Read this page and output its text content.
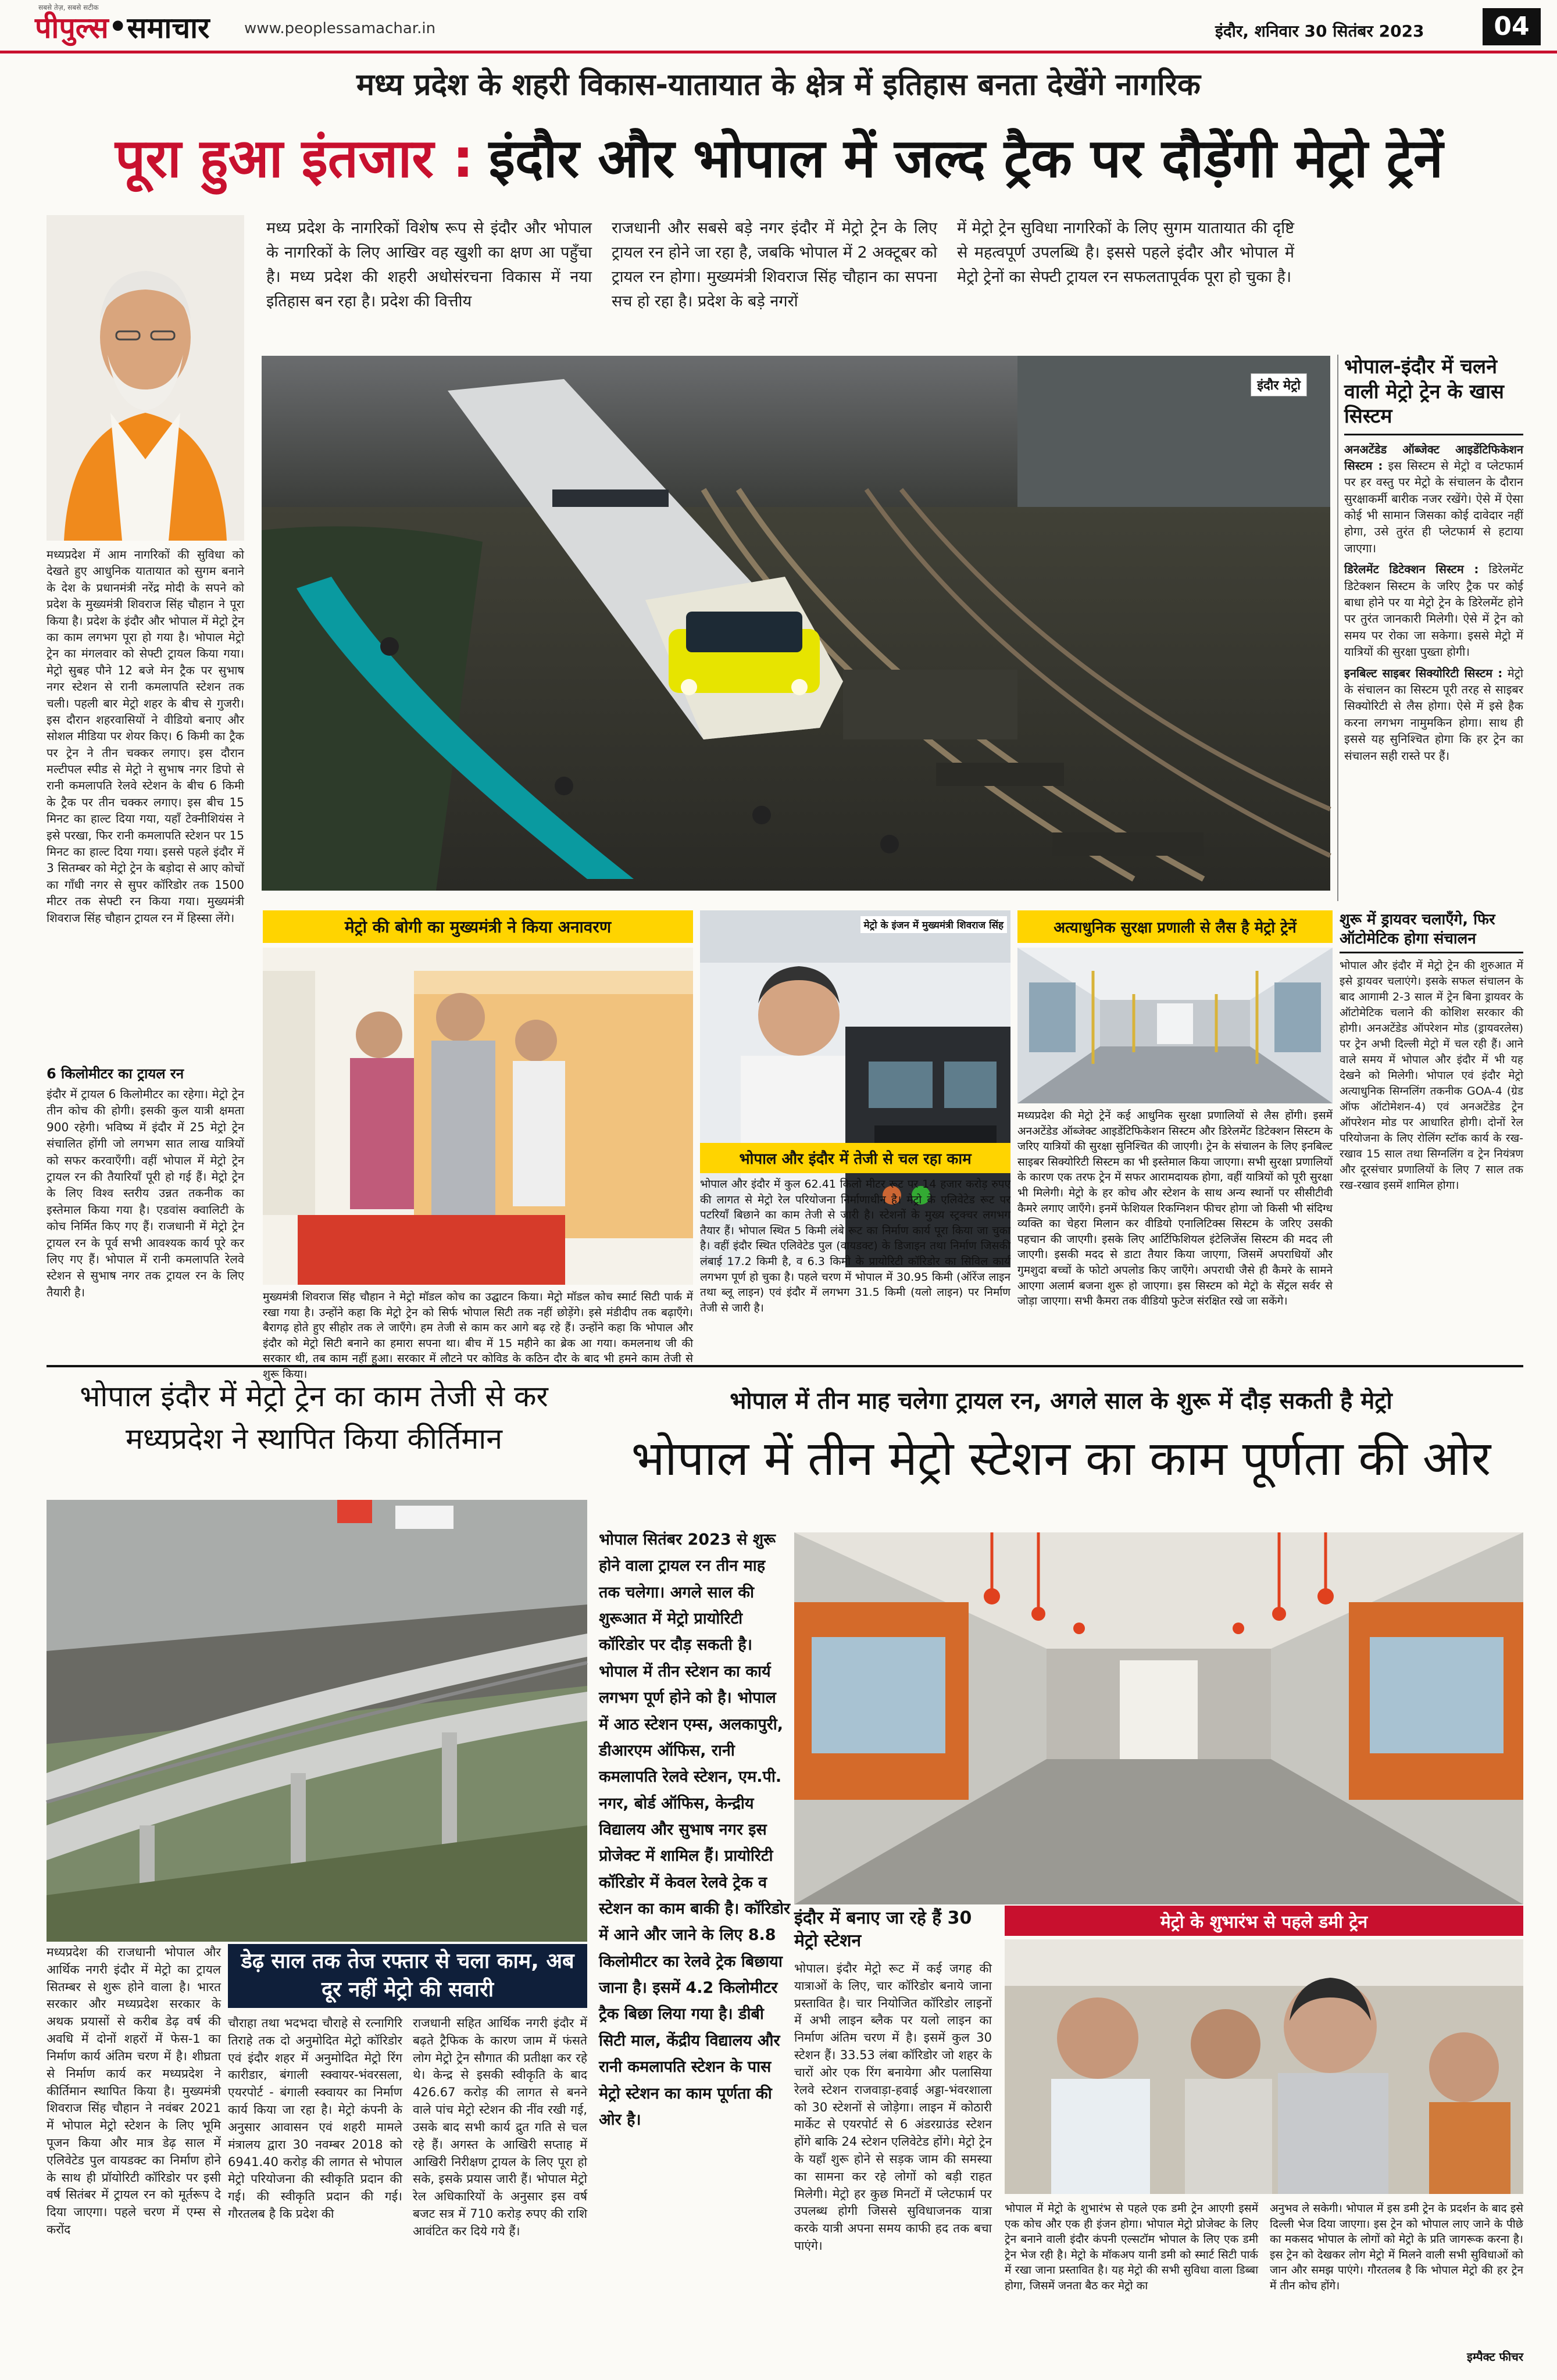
पीपुल्स • समाचार
सबसे तेज़, सबसे सटीक
www.peoplessamachar.in	इंदौर, शनिवार 30 सितंबर 2023	04
मध्य प्रदेश के शहरी विकास-यातायात के क्षेत्र में इतिहास बनता देखेंगे नागरिक
पूरा हुआ इंतजार : इंदौर और भोपाल में जल्द ट्रैक पर दौड़ेंगी मेट्रो ट्रेनें
मध्य प्रदेश के नागरिकों विशेष रूप से इंदौर और भोपाल के नागरिकों के लिए आखिर वह खुशी का क्षण आ पहुँचा है। मध्य प्रदेश की शहरी अधोसंरचना विकास में नया इतिहास बन रहा है। प्रदेश की वित्तीय
राजधानी और सबसे बड़े नगर इंदौर में मेट्रो ट्रेन के लिए ट्रायल रन होने जा रहा है, जबकि भोपाल में 2 अक्टूबर को ट्रायल रन होगा। मुख्यमंत्री शिवराज सिंह चौहान का सपना सच हो रहा है। प्रदेश के बड़े नगरों
में मेट्रो ट्रेन सुविधा नागरिकों के लिए सुगम यातायात की दृष्टि से महत्वपूर्ण उपलब्धि है। इससे पहले इंदौर और भोपाल में मेट्रो ट्रेनों का सेफ्टी ट्रायल रन सफलतापूर्वक पूरा हो चुका है।
मध्यप्रदेश में आम नागरिकों की सुविधा को देखते हुए आधुनिक यातायात को सुगम बनाने के देश के प्रधानमंत्री नरेंद्र मोदी के सपने को प्रदेश के मुख्यमंत्री शिवराज सिंह चौहान ने पूरा किया है। प्रदेश के इंदौर और भोपाल में मेट्रो ट्रेन का काम लगभग पूरा हो गया है। भोपाल मेट्रो ट्रेन का मंगलवार को सेफ्टी ट्रायल किया गया। मेट्रो सुबह पौने 12 बजे मेन ट्रैक पर सुभाष नगर स्टेशन से रानी कमलापति स्टेशन तक चली। पहली बार मेट्रो शहर के बीच से गुजरी। इस दौरान शहरवासियों ने वीडियो बनाए और सोशल मीडिया पर शेयर किए। 6 किमी का ट्रैक पर ट्रेन ने तीन चक्कर लगाए। इस दौरान मल्टीपल स्पीड से मेट्रो ने सुभाष नगर डिपो से रानी कमलापति रेलवे स्टेशन के बीच 6 किमी के ट्रैक पर तीन चक्कर लगाए। इस बीच 15 मिनट का हाल्ट दिया गया, यहाँ टेक्नीशियंस ने इसे परखा, फिर रानी कमलापति स्टेशन पर 15 मिनट का हाल्ट दिया गया। इससे पहले इंदौर में 3 सितम्बर को मेट्रो ट्रेन के बड़ोदा से आए कोचों का गाँधी नगर से सुपर कॉरिडोर तक 1500 मीटर तक सेफ्टी रन किया गया। मुख्यमंत्री शिवराज सिंह चौहान ट्रायल रन में हिस्सा लेंगे।
6 किलोमीटर का ट्रायल रन
इंदौर में ट्रायल 6 किलोमीटर का रहेगा। मेट्रो ट्रेन तीन कोच की होगी। इसकी कुल यात्री क्षमता 900 रहेगी। भविष्य में इंदौर में 25 मेट्रो ट्रेन संचालित होंगी जो लगभग सात लाख यात्रियों को सफर करवाएँगी। वहीं भोपाल में मेट्रो ट्रेन ट्रायल रन की तैयारियाँ पूरी हो गई हैं। मेट्रो ट्रेन के लिए विश्व स्तरीय उन्नत तकनीक का इस्तेमाल किया गया है। एडवांस क्वालिटी के कोच निर्मित किए गए हैं। राजधानी में मेट्रो ट्रेन ट्रायल रन के पूर्व सभी आवश्यक कार्य पूरे कर लिए गए हैं। भोपाल में रानी कमलापति रेलवे स्टेशन से सुभाष नगर तक ट्रायल रन के लिए तैयारी है।
इंदौर मेट्रो
भोपाल-इंदौर में चलने वाली मेट्रो ट्रेन के खास सिस्टम
अनअटेंडेड ऑब्जेक्ट आइडेंटिफिकेशन सिस्टम : इस सिस्टम से मेट्रो व प्लेटफार्म पर हर वस्तु पर मेट्रो के संचालन के दौरान सुरक्षाकर्मी बारीक नजर रखेंगे। ऐसे में ऐसा कोई भी सामान जिसका कोई दावेदार नहीं होगा, उसे तुरंत ही प्लेटफार्म से हटाया जाएगा।
डिरेलमेंट डिटेक्शन सिस्टम : डिरेलमेंट डिटेक्शन सिस्टम के जरिए ट्रैक पर कोई बाधा होने पर या मेट्रो ट्रेन के डिरेलमेंट होने पर तुरंत जानकारी मिलेगी। ऐसे में ट्रेन को समय पर रोका जा सकेगा। इससे मेट्रो में यात्रियों की सुरक्षा पुख्ता होगी।
इनबिल्ट साइबर सिक्योरिटी सिस्टम : मेट्रो के संचालन का सिस्टम पूरी तरह से साइबर सिक्योरिटी से लैस होगा। ऐसे में इसे हैक करना लगभग नामुमकिन होगा। साथ ही इससे यह सुनिश्चित होगा कि हर ट्रेन का संचालन सही रास्ते पर हैं।
मेट्रो की बोगी का मुख्यमंत्री ने किया अनावरण
मुख्यमंत्री शिवराज सिंह चौहान ने मेट्रो मॉडल कोच का उद्घाटन किया। मेट्रो मॉडल कोच स्मार्ट सिटी पार्क में रखा गया है। उन्होंने कहा कि मेट्रो ट्रेन को सिर्फ भोपाल सिटी तक नहीं छोड़ेंगे। इसे मंडीदीप तक बढ़ाएँगे। बैरागढ़ होते हुए सीहोर तक ले जाएँगे। हम तेजी से काम कर आगे बढ़ रहे हैं। उन्होंने कहा कि भोपाल और इंदौर को मेट्रो सिटी बनाने का हमारा सपना था। बीच में 15 महीने का ब्रेक आ गया। कमलनाथ जी की सरकार थी, तब काम नहीं हुआ। सरकार में लौटने पर कोविड के कठिन दौर के बाद भी हमने काम तेजी से शुरू किया।
मेट्रो के इंजन में मुख्यमंत्री शिवराज सिंह
भोपाल और इंदौर में तेजी से चल रहा काम
भोपाल और इंदौर में कुल 62.41 किलो मीटर रूट पर 14 हजार करोड़ रुपए की लागत से मेट्रो रेल परियोजना निर्माणाधीन है। मेट्रो के एलिवेटेड रूट पर पटरियाँ बिछाने का काम तेजी से जारी है। स्टेशनों के मुख्य स्ट्रक्चर लगभग तैयार हैं। भोपाल स्थित 5 किमी लंबे रूट का निर्माण कार्य पूरा किया जा चुका है। वहीं इंदौर स्थित एलिवेटेड पुल (वायडक्ट) के डिजाइन तथा निर्माण जिसकी लंबाई 17.2 किमी है, व 6.3 किमी के प्रायोरिटी कॉरिडोर का सिविल कार्य लगभग पूर्ण हो चुका है। पहले चरण में भोपाल में 30.95 किमी (ऑरेंज लाइन तथा ब्लू लाइन) एवं इंदौर में लगभग 31.5 किमी (यलो लाइन) पर निर्माण तेजी से जारी है।
अत्याधुनिक सुरक्षा प्रणाली से लैस है मेट्रो ट्रेनें
मध्यप्रदेश की मेट्रो ट्रेनें कई आधुनिक सुरक्षा प्रणालियों से लैस होंगी। इसमें अनअटेंडेड ऑब्जेक्ट आइडेंटिफिकेशन सिस्टम और डिरेलमेंट डिटेक्शन सिस्टम के जरिए यात्रियों की सुरक्षा सुनिश्चित की जाएगी। ट्रेन के संचालन के लिए इनबिल्ट साइबर सिक्योरिटी सिस्टम का भी इस्तेमाल किया जाएगा। सभी सुरक्षा प्रणालियों के कारण एक तरफ ट्रेन में सफर आरामदायक होगा, वहीं यात्रियों को पूरी सुरक्षा भी मिलेगी। मेट्रो के हर कोच और स्टेशन के साथ अन्य स्थानों पर सीसीटीवी कैमरे लगाए जाएँगे। इनमें फेशियल रिकग्निशन फीचर होगा जो किसी भी संदिग्ध व्यक्ति का चेहरा मिलान कर वीडियो एनालिटिक्स सिस्टम के जरिए उसकी पहचान की जाएगी। इसके लिए आर्टिफिशियल इंटेलिजेंस सिस्टम की मदद ली जाएगी। इसकी मदद से डाटा तैयार किया जाएगा, जिसमें अपराधियों और गुमशुदा बच्चों के फोटो अपलोड किए जाएँगे। अपराधी जैसे ही कैमरे के सामने आएगा अलार्म बजना शुरू हो जाएगा। इस सिस्टम को मेट्रो के सेंट्रल सर्वर से जोड़ा जाएगा। सभी कैमरा तक वीडियो फुटेज संरक्षित रखे जा सकेंगे।
शुरू में ड्रायवर चलाएँगे, फिर ऑटोमेटिक होगा संचालन
भोपाल और इंदौर में मेट्रो ट्रेन की शुरुआत में इसे ड्रायवर चलाएंगे। इसके सफल संचालन के बाद आगामी 2-3 साल में ट्रेन बिना ड्रायवर के ऑटोमेटिक चलाने की कोशिश सरकार की होगी। अनअटेंडेड ऑपरेशन मोड (ड्रायवरलेस) पर ट्रेन अभी दिल्ली मेट्रो में चल रही हैं। आने वाले समय में भोपाल और इंदौर में भी यह देखने को मिलेगी। भोपाल एवं इंदौर मेट्रो अत्याधुनिक सिग्नलिंग तकनीक GOA-4 (ग्रेड ऑफ ऑटोमेशन-4) एवं अनअटेंडेड ट्रेन ऑपरेशन मोड पर आधारित होगी। दोनों रेल परियोजना के लिए रोलिंग स्टॉक कार्य के रख-रखाव 15 साल तथा सिग्नलिंग व ट्रेन नियंत्रण और दूरसंचार प्रणालियों के लिए 7 साल तक रख-रखाव इसमें शामिल होगा।
भोपाल इंदौर में मेट्रो ट्रेन का काम तेजी से कर मध्यप्रदेश ने स्थापित किया कीर्तिमान
मध्यप्रदेश की राजधानी भोपाल और आर्थिक नगरी इंदौर में मेट्रो का ट्रायल सितम्बर से शुरू होने वाला है। भारत सरकार और मध्यप्रदेश सरकार के अथक प्रयासों से करीब डेढ़ वर्ष की अवधि में दोनों शहरों में फेस-1 का निर्माण कार्य अंतिम चरण में है। शीघ्रता से निर्माण कार्य कर मध्यप्रदेश ने कीर्तिमान स्थापित किया है। मुख्यमंत्री शिवराज सिंह चौहान ने नवंबर 2021 में भोपाल मेट्रो स्टेशन के लिए भूमि पूजन किया और मात्र डेढ़ साल में एलिवेटेड पुल वायडक्ट का निर्माण होने के साथ ही प्रॉयोरिटी कॉरिडोर पर इसी वर्ष सितंबर में ट्रायल रन को मूर्तरूप दे दिया जाएगा। पहले चरण में एम्स से करोंद
डेढ़ साल तक तेज रफ्तार से चला काम, अब दूर नहीं मेट्रो की सवारी
चौराहा तथा भदभदा चौराहे से रत्नागिरि तिराहे तक दो अनुमोदित मेट्रो कॉरिडोर एवं इंदौर शहर में अनुमोदित मेट्रो रिंग कारीडार, बंगाली स्क्वायर-भंवरसला, एयरपोर्ट - बंगाली स्क्वायर का निर्माण कार्य किया जा रहा है। मेट्रो कंपनी के अनुसार आवासन एवं शहरी मामले मंत्रालय द्वारा 30 नवम्बर 2018 को 6941.40 करोड़ की लागत से भोपाल मेट्रो परियोजना की स्वीकृति प्रदान की गई। की स्वीकृति प्रदान की गई। गौरतलब है कि प्रदेश की
राजधानी सहित आर्थिक नगरी इंदौर में बढ़ते ट्रैफिक के कारण जाम में फंसते लोग मेट्रो ट्रेन सौगात की प्रतीक्षा कर रहे थे। केन्द्र से इसकी स्वीकृति के बाद 426.67 करोड़ की लागत से बनने वाले पांच मेट्रो स्टेशन की नींव रखी गई, उसके बाद सभी कार्य द्रुत गति से चल रहे हैं। अगस्त के आखिरी सप्ताह में आखिरी निरीक्षण ट्रायल के लिए पूरा हो सके, इसके प्रयास जारी हैं। भोपाल मेट्रो रेल अधिकारियों के अनुसार इस वर्ष बजट सत्र में 710 करोड़ रुपए की राशि आवंटित कर दिये गये हैं।
भोपाल में तीन माह चलेगा ट्रायल रन, अगले साल के शुरू में दौड़ सकती है मेट्रो
भोपाल में तीन मेट्रो स्टेशन का काम पूर्णता की ओर
भोपाल सितंबर 2023 से शुरू होने वाला ट्रायल रन तीन माह तक चलेगा। अगले साल की शुरूआत में मेट्रो प्रायोरिटी कॉरिडोर पर दौड़ सकती है। भोपाल में तीन स्टेशन का कार्य लगभग पूर्ण होने को है। भोपाल में आठ स्टेशन एम्स, अलकापुरी, डीआरएम ऑफिस, रानी कमलापति रेलवे स्टेशन, एम.पी. नगर, बोर्ड ऑफिस, केन्द्रीय विद्यालय और सुभाष नगर इस प्रोजेक्ट में शामिल हैं। प्रायोरिटी कॉरिडोर में केवल रेलवे ट्रेक व स्टेशन का काम बाकी है। कॉरिडोर में आने और जाने के लिए 8.8 किलोमीटर का रेलवे ट्रेक बिछाया जाना है। इसमें 4.2 किलोमीटर ट्रैक बिछा लिया गया है। डीबी सिटी माल, केंद्रीय विद्यालय और रानी कमलापति स्टेशन के पास मेट्रो स्टेशन का काम पूर्णता की ओर है।
इंदौर में बनाए जा रहे हैं 30 मेट्रो स्टेशन
भोपाल। इंदौर मेट्रो रूट में कई जगह की यात्राओं के लिए, चार कॉरिडोर बनाये जाना प्रस्तावित है। चार नियोजित कॉरिडोर लाइनों में अभी लाइन ब्लैक पर यलो लाइन का निर्माण अंतिम चरण में है। इसमें कुल 30 स्टेशन हैं। 33.53 लंबा कॉरिडोर जो शहर के चारों ओर एक रिंग बनायेगा और पलासिया रेलवे स्टेशन राजवाड़ा-हवाई अड्डा-भंवरशाला को 30 स्टेशनों से जोड़ेगा। लाइन में कोठारी मार्केट से एयरपोर्ट से 6 अंडरग्राउंड स्टेशन होंगे बाकि 24 स्टेशन एलिवेटेड होंगे। मेट्रो ट्रेन के यहाँ शुरू होने से सड़क जाम की समस्या का सामना कर रहे लोगों को बड़ी राहत मिलेगी। मेट्रो हर कुछ मिनटों में प्लेटफार्म पर उपलब्ध होगी जिससे सुविधाजनक यात्रा करके यात्री अपना समय काफी हद तक बचा पाएंगे।
मेट्रो के शुभारंभ से पहले डमी ट्रेन
भोपाल में मेट्रो के शुभारंभ से पहले एक डमी ट्रेन आएगी इसमें एक कोच और एक ही इंजन होगा। भोपाल मेट्रो प्रोजेक्ट के लिए ट्रेन बनाने वाली इंदौर कंपनी एल्सटॉम भोपाल के लिए एक डमी ट्रेन भेज रही है। मेट्रो के मॉकअप यानी डमी को स्मार्ट सिटी पार्क में रखा जाना प्रस्तावित है। यह मेट्रो की सभी सुविधा वाला डिब्बा होगा, जिसमें जनता बैठ कर मेट्रो का
अनुभव ले सकेगी। भोपाल में इस डमी ट्रेन के प्रदर्शन के बाद इसे दिल्ली भेज दिया जाएगा। इस ट्रेन को भोपाल लाए जाने के पीछे का मकसद भोपाल के लोगों को मेट्रो के प्रति जागरूक करना है। इस ट्रेन को देखकर लोग मेट्रो में मिलने वाली सभी सुविधाओं को जान और समझ पाएंगे। गौरतलब है कि भोपाल मेट्रो की हर ट्रेन में तीन कोच होंगे।
इम्पैक्ट फीचर
